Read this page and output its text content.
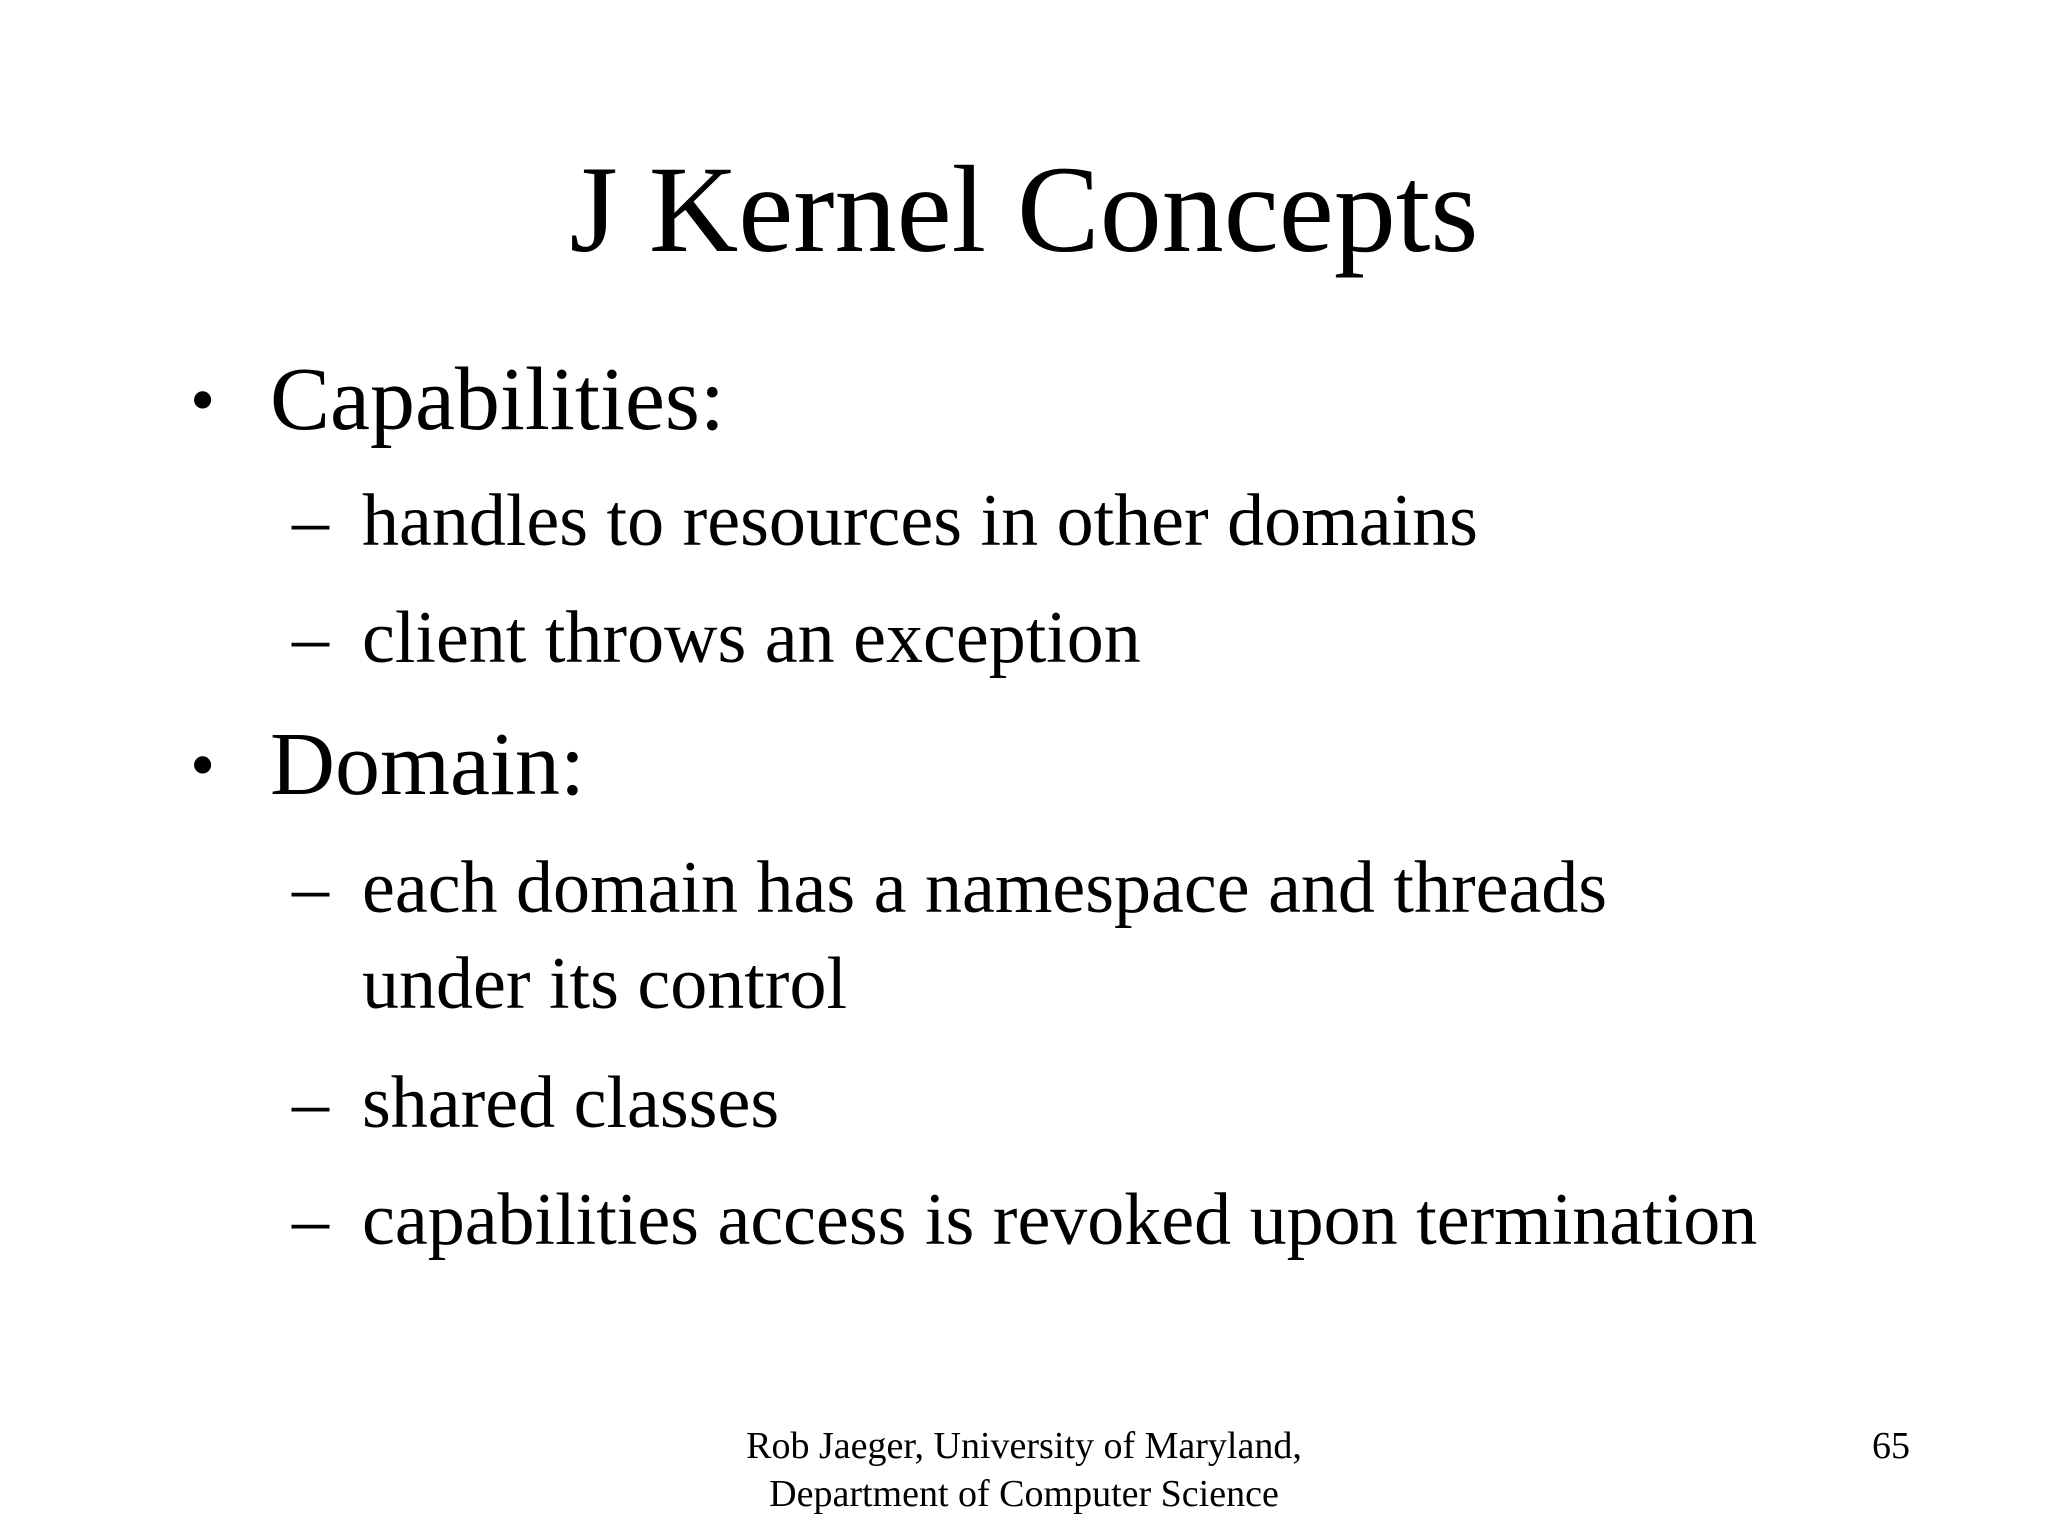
J Kernel Concepts
• Capabilities:
– handles to resources in other domains
– client throws an exception
• Domain:
– each domain has a namespace and threads
under its control
– shared classes
– capabilities access is revoked upon termination
Rob Jaeger, University of Maryland,
Department of Computer Science
65
